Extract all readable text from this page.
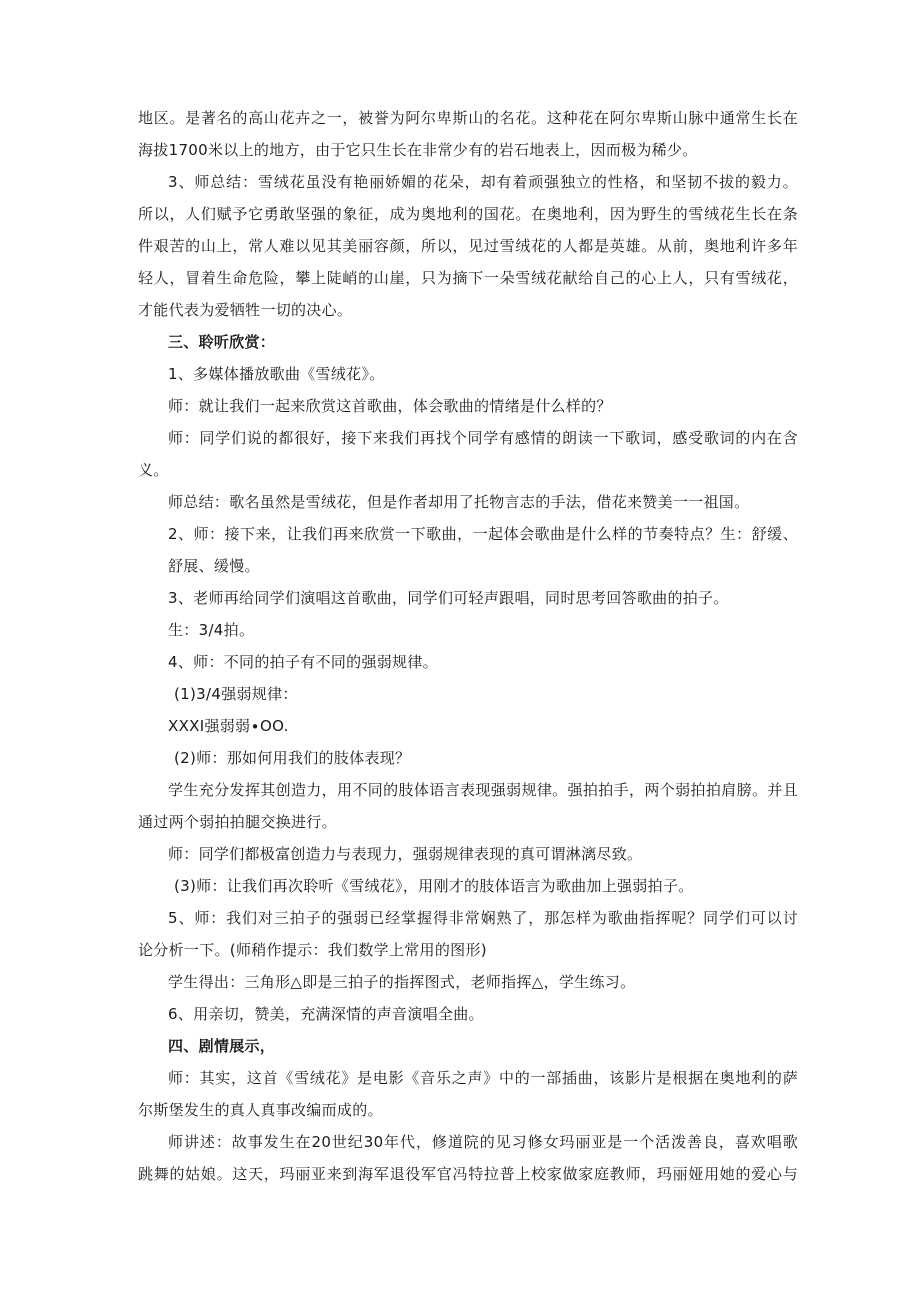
地区。是著名的高山花卉之一，被誉为阿尔卑斯山的名花。这种花在阿尔卑斯山脉中通常生长在

海拔1700米以上的地方，由于它只生长在非常少有的岩石地表上，因而极为稀少。

3、师总结：雪绒花虽没有艳丽娇媚的花朵，却有着顽强独立的性格，和坚韧不拔的毅力。

所以，人们赋予它勇敢坚强的象征，成为奥地利的国花。在奥地利，因为野生的雪绒花生长在条

件艰苦的山上，常人难以见其美丽容颜，所以，见过雪绒花的人都是英雄。从前，奥地利许多年

轻人，冒着生命危险，攀上陡峭的山崖，只为摘下一朵雪绒花献给自己的心上人，只有雪绒花，

才能代表为爱牺牲一切的决心。

三、聆听欣赏：

1、多媒体播放歌曲《雪绒花》。

师：就让我们一起来欣赏这首歌曲，体会歌曲的情绪是什么样的？

师：同学们说的都很好，接下来我们再找个同学有感情的朗读一下歌词，感受歌词的内在含

义。

师总结：歌名虽然是雪绒花，但是作者却用了托物言志的手法，借花来赞美一一祖国。

2、师：接下来，让我们再来欣赏一下歌曲，一起体会歌曲是什么样的节奏特点？生：舒缓、

舒展、缓慢。

3、老师再给同学们演唱这首歌曲，同学们可轻声跟唱，同时思考回答歌曲的拍子。

生：3/4拍。

4、师：不同的拍子有不同的强弱规律。

(1)3/4强弱规律：

XXXI强弱弱∙OO.

(2)师：那如何用我们的肢体表现？

学生充分发挥其创造力，用不同的肢体语言表现强弱规律。强拍拍手，两个弱拍拍肩膀。并且

通过两个弱拍拍腿交换进行。

师：同学们都极富创造力与表现力，强弱规律表现的真可谓淋漓尽致。

(3)师：让我们再次聆听《雪绒花》，用刚才的肢体语言为歌曲加上强弱拍子。

5、师：我们对三拍子的强弱已经掌握得非常娴熟了，那怎样为歌曲指挥呢？同学们可以讨

论分析一下。(师稍作提示：我们数学上常用的图形)

学生得出：三角形△即是三拍子的指挥图式，老师指挥△，学生练习。

6、用亲切，赞美，充满深情的声音演唱全曲。

四、剧情展示，

师：其实，这首《雪绒花》是电影《音乐之声》中的一部插曲，该影片是根据在奥地利的萨

尔斯堡发生的真人真事改编而成的。

师讲述：故事发生在20世纪30年代，修道院的见习修女玛丽亚是一个活泼善良，喜欢唱歌

跳舞的姑娘。这天，玛丽亚来到海军退役军官冯特拉普上校家做家庭教师，玛丽娅用她的爱心与
